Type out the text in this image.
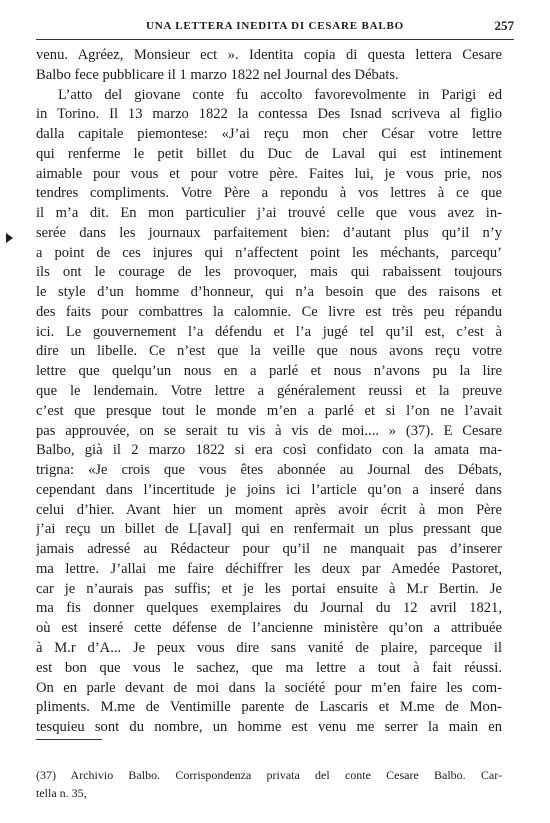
UNA LETTERA INEDITA DI CESARE BALBO	257
venu. Agréez, Monsieur ect ». Identita copia di questa lettera Cesare
Balbo fece pubblicare il 1 marzo 1822 nel Journal des Débats.
L’atto del giovane conte fu accolto favorevolmente in Parigi ed
in Torino. Il 13 marzo 1822 la contessa Des Isnad scriveva al figlio
dalla capitale piemontese: «J’ai reçu mon cher César votre lettre
qui renferme le petit billet du Duc de Laval qui est intinement
aimable pour vous et pour votre père. Faites lui, je vous prie, nos
tendres compliments. Votre Père a repondu à vos lettres à ce que
il m’a dit. En mon particulier j’ai trouvé celle que vous avez in-
serée dans les journaux parfaitement bien: d’autant plus qu’il n’y
a point de ces injures qui n’affectent point les méchants, parcequ’
ils ont le courage de les provoquer, mais qui rabaissent toujours
le style d’un homme d’honneur, qui n’a besoin que des raisons et
des faits pour combattres la calomnie. Ce livre est très peu répandu
ici. Le gouvernement l’a défendu et l’a jugé tel qu’il est, c’est à
dire un libelle. Ce n’est que la veille que nous avons reçu votre
lettre que quelqu’un nous en a parlé et nous n’avons pu la lire
que le lendemain. Votre lettre a généralement reussi et la preuve
c’est que presque tout le monde m’en a parlé et si l’on ne l’avait
pas approuvée, on se serait tu vis à vis de moi.... » (37). E Cesare
Balbo, già il 2 marzo 1822 si era così confidato con la amata ma-
trigna: «Je crois que vous êtes abonnée au Journal des Débats,
cependant dans l’incertitude je joins ici l’article qu’on a inseré dans
celui d’hier. Avant hier un moment après avoir écrit à mon Père
j’ai reçu un billet de L[aval] qui en renfermait un plus pressant que
jamais adressé au Rédacteur pour qu’il ne manquait pas d’inserer
ma lettre. J’allai me faire déchiffrer les deux par Amedée Pastoret,
car je n’aurais pas suffis; et je les portai ensuite à M.r Bertin. Je
ma fis donner quelques exemplaires du Journal du 12 avril 1821,
où est inseré cette défense de l’ancienne ministère qu’on a attribuée
à M.r d’A... Je peux vous dire sans vanité de plaire, parceque il
est bon que vous le sachez, que ma lettre a tout à fait réussi.
On en parle devant de moi dans la société pour m’en faire les com-
pliments. M.me de Ventimille parente de Lascaris et M.me de Mon-
tesquieu sont du nombre, un homme est venu me serrer la main en
(37) Archivio Balbo. Corrispondenza privata del conte Cesare Balbo. Car-
tella n. 35,
